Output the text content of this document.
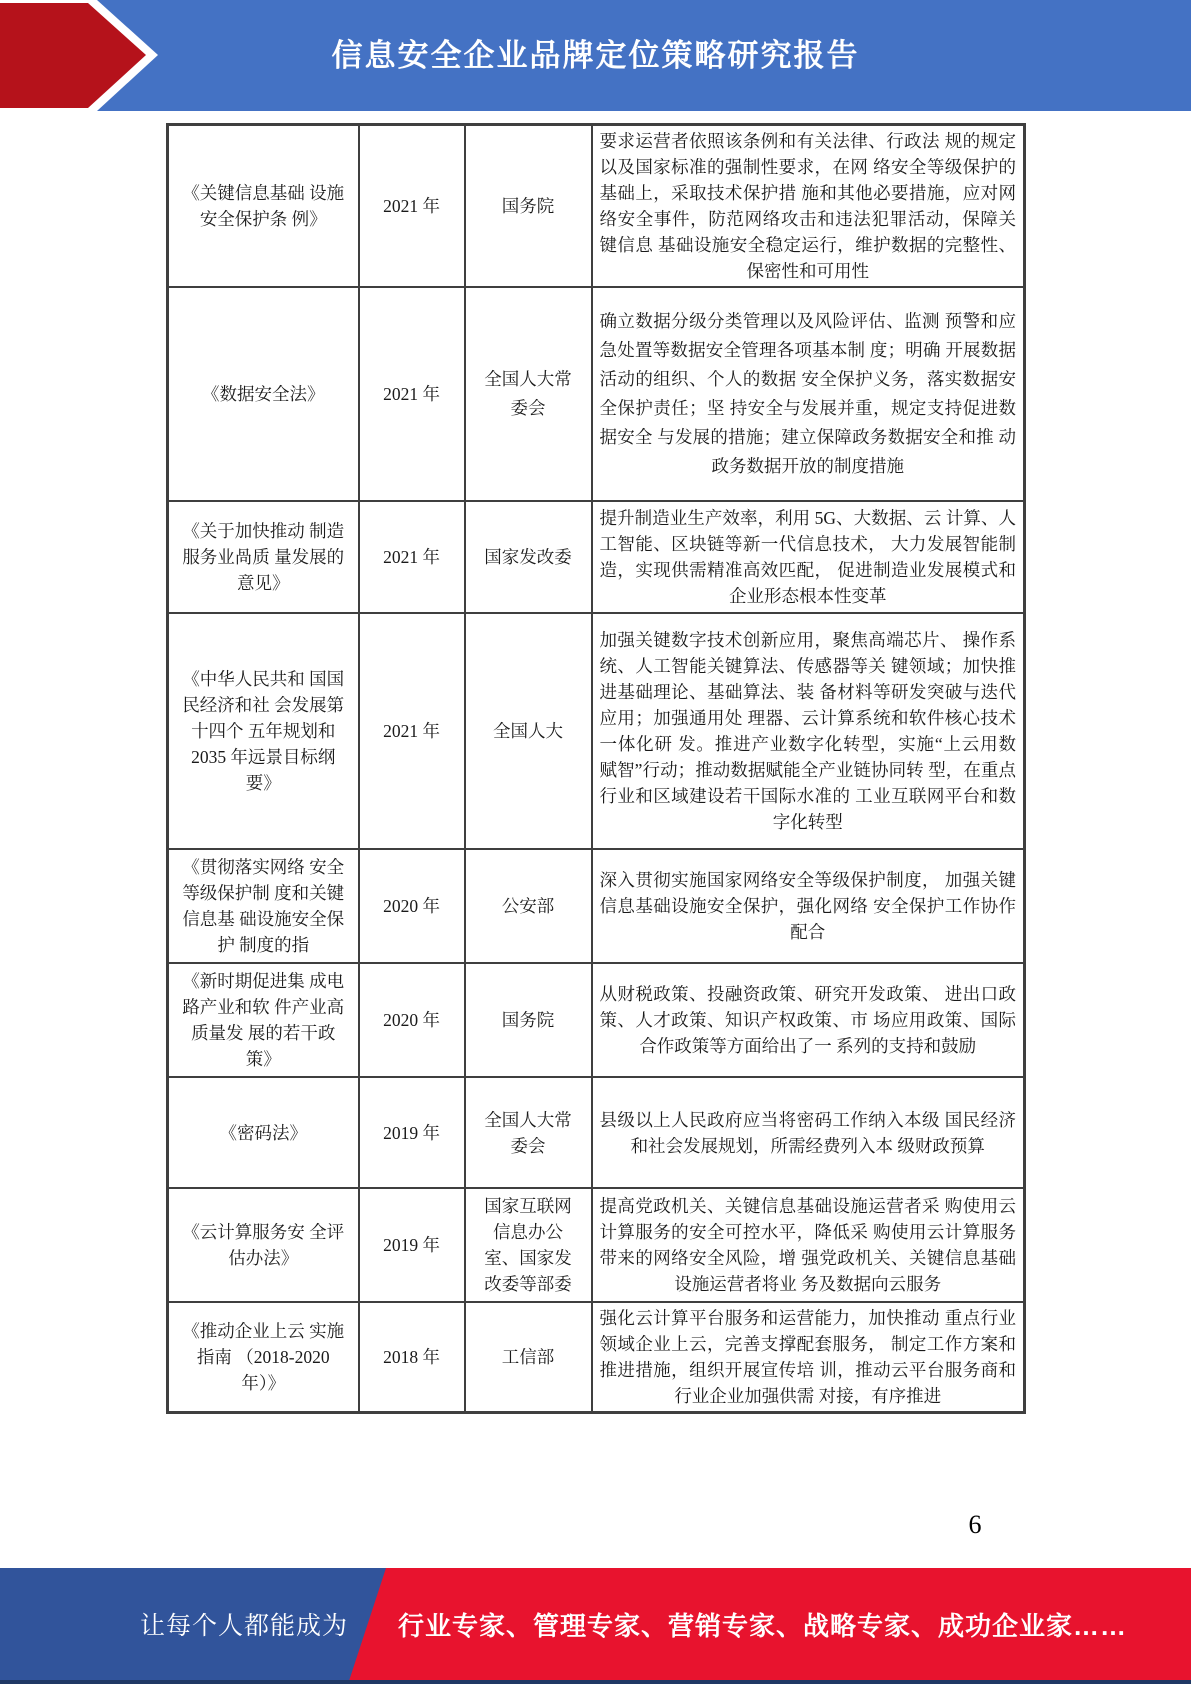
信息安全企业品牌定位策略研究报告
《关键信息基础 设施安全保护条 例》	2021 年	国务院	要求运营者依照该条例和有关法律、行政法 规的规定以及国家标准的强制性要求，在网 络安全等级保护的基础上，采取技术保护措 施和其他必要措施，应对网络安全事件，防范网络攻击和违法犯罪活动，保障关键信息 基础设施安全稳定运行，维护数据的完整性、 保密性和可用性
《数据安全法》	2021 年	全国人大常 委会	确立数据分级分类管理以及风险评估、监测 预警和应急处置等数据安全管理各项基本制 度；明确 开展数据活动的组织、个人的数据 安全保护义务，落实数据安全保护责任；坚 持安全与发展并重，规定支持促进数据安全 与发展的措施；建立保障政务数据安全和推 动政务数据开放的制度措施
《关于加快推动 制造服务业咼质 量发展的意见》	2021 年	国家发改委	提升制造业生产效率，利用 5G、大数据、云 计算、人工智能、区块链等新一代信息技术， 大力发展智能制造，实现供需精准高效匹配， 促进制造业发展模式和企业形态根本性变革
《中华人民共和 国国民经济和社 会发展第十四个 五年规划和 2035 年远景目标纲要》	2021 年	全国人大	加强关键数字技术创新应用，聚焦高端芯片、 操作系统、人工智能关键算法、传感器等关 键领域；加快推进基础理论、基础算法、装 备材料等研发突破与迭代应用；加强通用处 理器、云计算系统和软件核心技术一体化研 发。推进产业数字化转型，实施“上云用数 赋智”行动；推动数据赋能全产业链协同转 型，在重点行业和区域建设若干国际水准的 工业互联网平台和数字化转型
《贯彻落实网络 安全等级保护制 度和关键信息基 础设施安全保护 制度的指	2020 年	公安部	深入贯彻实施国家网络安全等级保护制度， 加强关键信息基础设施安全保护，强化网络 安全保护工作协作配合
《新时期促进集 成电路产业和软 件产业高质量发 展的若干政策》	2020 年	国务院	从财税政策、投融资政策、研究开发政策、 进出口政策、人才政策、知识产权政策、市 场应用政策、国际合作政策等方面给出了一 系列的支持和鼓励
《密码法》	2019 年	全国人大常 委会	县级以上人民政府应当将密码工作纳入本级 国民经济和社会发展规划，所需经费列入本 级财政预算
《云计算服务安 全评估办法》	2019 年	国家互联网 信息办公 室、国家发 改委等部委	提高党政机关、关键信息基础设施运营者采 购使用云计算服务的安全可控水平，降低采 购使用云计算服务带来的网络安全风险，增 强党政机关、关键信息基础设施运营者将业 务及数据向云服务
《推动企业上云 实施指南 （2018-2020 年）》	2018 年	工信部	强化云计算平台服务和运营能力，加快推动 重点行业领域企业上云，完善支撑配套服务， 制定工作方案和推进措施，组织开展宣传培 训，推动云平台服务商和行业企业加强供需 对接，有序推进
6
让每个人都能成为 行业专家、管理专家、营销专家、战略专家、成功企业家……
